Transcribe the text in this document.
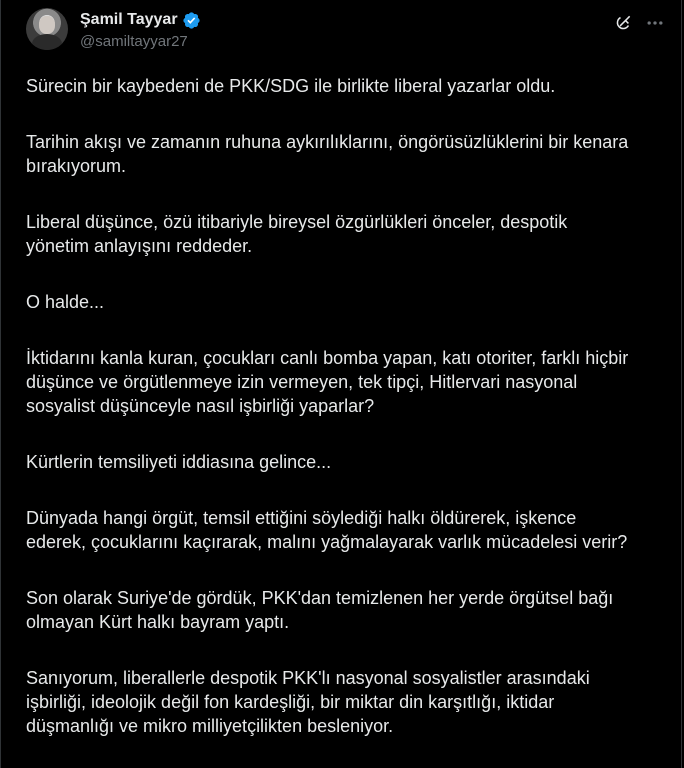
Şamil Tayyar
@samiltayyar27

Sürecin bir kaybedeni de PKK/SDG ile birlikte liberal yazarlar oldu.

Tarihin akışı ve zamanın ruhuna aykırılıklarını, öngörüsüzlüklerini bir kenara
bırakıyorum.

Liberal düşünce, özü itibariyle bireysel özgürlükleri önceler, despotik
yönetim anlayışını reddeder.

O halde...

İktidarını kanla kuran, çocukları canlı bomba yapan, katı otoriter, farklı hiçbir
düşünce ve örgütlenmeye izin vermeyen, tek tipçi, Hitlervari nasyonal
sosyalist düşünceyle nasıl işbirliği yaparlar?

Kürtlerin temsiliyeti iddiasına gelince...

Dünyada hangi örgüt, temsil ettiğini söylediği halkı öldürerek, işkence
ederek, çocuklarını kaçırarak, malını yağmalayarak varlık mücadelesi verir?

Son olarak Suriye'de gördük, PKK'dan temizlenen her yerde örgütsel bağı
olmayan Kürt halkı bayram yaptı.

Sanıyorum, liberallerle despotik PKK'lı nasyonal sosyalistler arasındaki
işbirliği, ideolojik değil fon kardeşliği, bir miktar din karşıtlığı, iktidar
düşmanlığı ve mikro milliyetçilikten besleniyor.
